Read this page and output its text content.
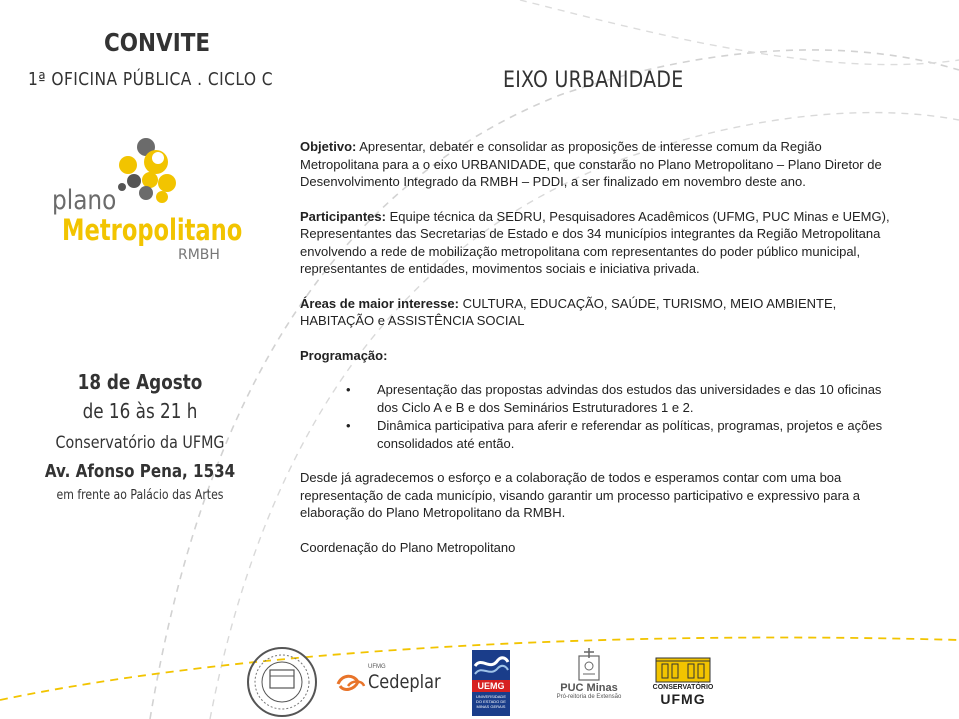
CONVITE
1ª OFICINA PÚBLICA . CICLO C	EIXO URBANIDADE
plano
Metropolitano
RMBH
18 de Agosto
de 16 às 21 h
Conservatório da UFMG
Av. Afonso Pena, 1534
em frente ao Palácio das Artes

Objetivo: Apresentar, debater e consolidar as proposições de interesse comum da Região Metropolitana para a o eixo URBANIDADE, que constarão no Plano Metropolitano – Plano Diretor de Desenvolvimento Integrado da RMBH – PDDI, a ser finalizado em novembro deste ano.

Participantes: Equipe técnica da SEDRU, Pesquisadores Acadêmicos (UFMG, PUC Minas e UEMG), Representantes das Secretarias de Estado e dos 34 municípios integrantes da Região Metropolitana envolvendo a rede de mobilização metropolitana com representantes do poder público municipal, representantes de entidades, movimentos sociais e iniciativa privada.

Áreas de maior interesse: CULTURA, EDUCAÇÃO, SAÚDE, TURISMO, MEIO AMBIENTE, HABITAÇÃO e ASSISTÊNCIA SOCIAL

Programação:

• Apresentação das propostas advindas dos estudos das universidades e das 10 oficinas dos Ciclo A e B e dos Seminários Estruturadores 1 e 2.
• Dinâmica participativa para aferir e referendar as políticas, programas, projetos e ações consolidados até então.

Desde já agradecemos o esforço e a colaboração de todos e esperamos contar com uma boa representação de cada município, visando garantir um processo participativo e expressivo para a elaboração do Plano Metropolitano da RMBH.

Coordenação do Plano Metropolitano

UFMG
Cedeplar	UEMG
UNIVERSIDADE DO ESTADO DE MINAS GERAIS
PUC Minas
Pró-reitoria de Extensão
CONSERVATÓRIO
UFMG
